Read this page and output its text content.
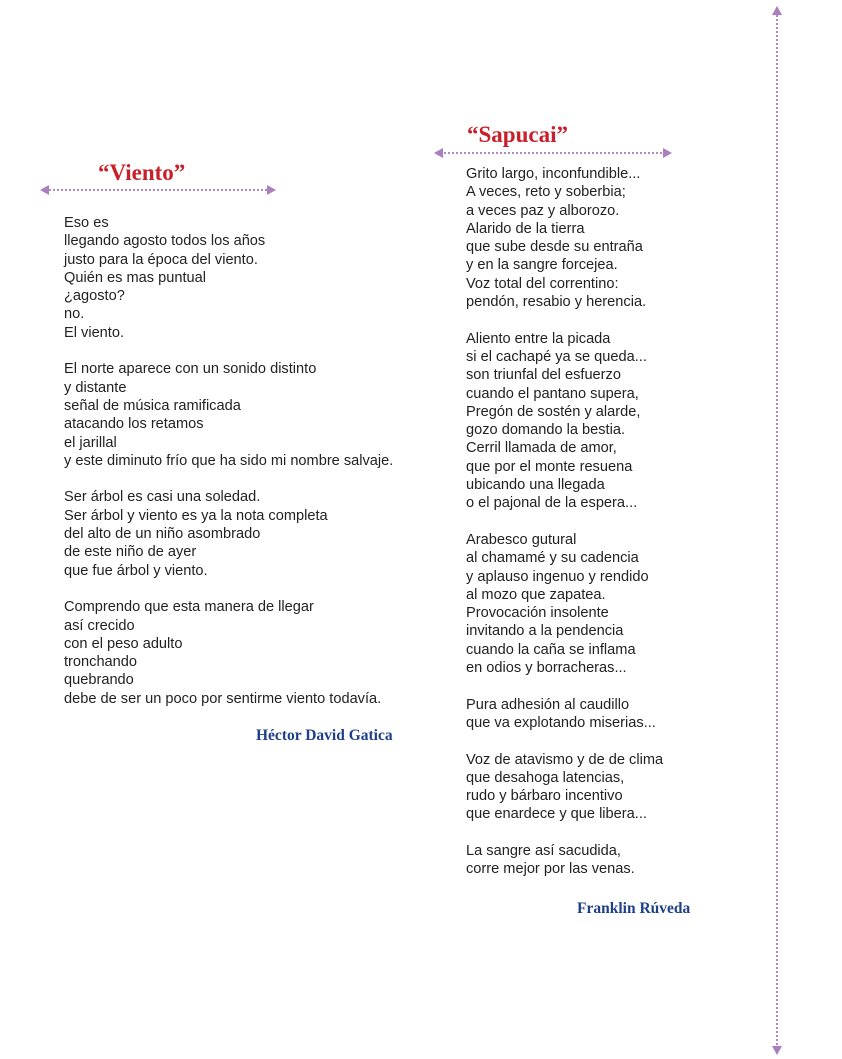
“Viento”

Eso es
llegando agosto todos los años
justo para la época del viento.
Quién es mas puntual
¿agosto?
no.
El viento.

El norte aparece con un sonido distinto
y distante
señal de música ramificada
atacando los retamos
el jarillal
y este diminuto frío que ha sido mi nombre salvaje.

Ser árbol es casi una soledad.
Ser árbol y viento es ya la nota completa
del alto de un niño asombrado
de este niño de ayer
que fue árbol y viento.

Comprendo que esta manera de llegar
así crecido
con el peso adulto
tronchando
quebrando
debe de ser un poco por sentirme viento todavía.

Héctor David Gatica
“Sapucai”

Grito largo, inconfundible...
A veces, reto y soberbia;
a veces paz y alborozo.
Alarido de la tierra
que sube desde su entraña
y en la sangre forcejea.
Voz total del correntino:
pendón, resabio y herencia.

Aliento entre la picada
si el cachapé ya se queda...
son triunfal del esfuerzo
cuando el pantano supera,
Pregón de sostén y alarde,
gozo domando la bestia.
Cerril llamada de amor,
que por el monte resuena
ubicando una llegada
o el pajonal de la espera...

Arabesco gutural
al chamamé y su cadencia
y aplauso ingenuo y rendido
al mozo que zapatea.
Provocación insolente
invitando a la pendencia
cuando la caña se inflama
en odios y borracheras...

Pura adhesión al caudillo
que va explotando miserias...

Voz de atavismo y de de clima
que desahoga latencias,
rudo y bárbaro incentivo
que enardece y que libera...

La sangre así sacudida,
corre mejor por las venas.

Franklin Rúveda
